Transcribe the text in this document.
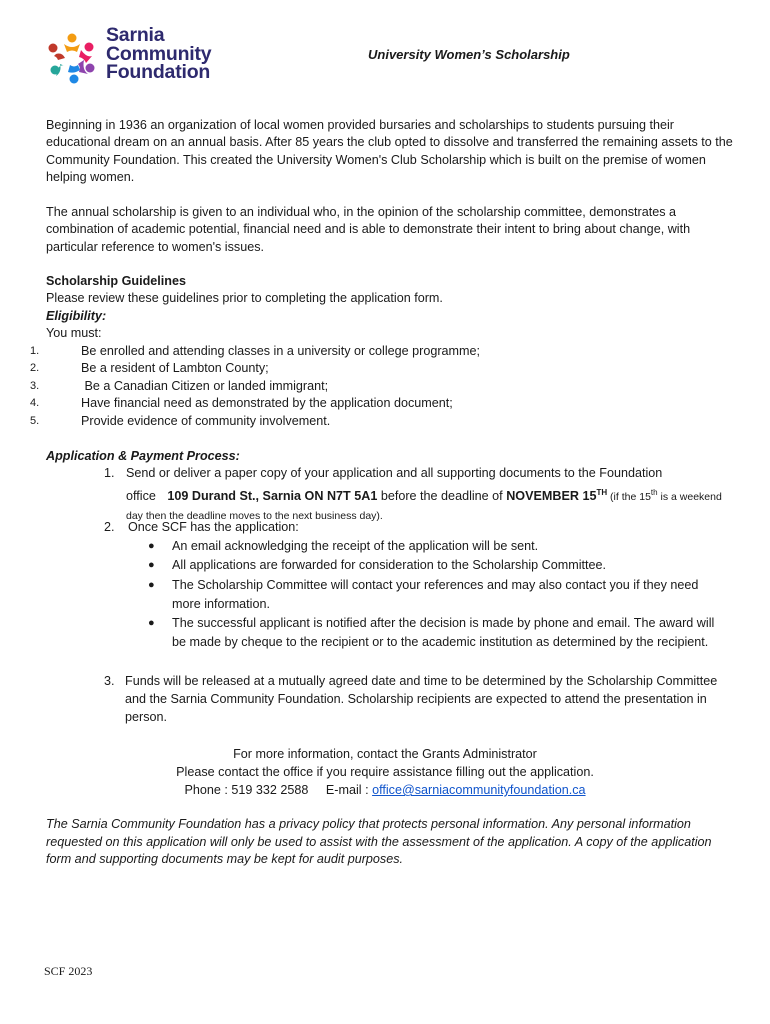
Sarnia
Community
Foundation
University Women’s Scholarship

Beginning in 1936 an organization of local women provided bursaries and scholarships to students pursuing their educational dream on an annual basis. After 85 years the club opted to dissolve and transferred the remaining assets to the Community Foundation. This created the University Women's Club Scholarship which is built on the premise of women helping women.

The annual scholarship is given to an individual who, in the opinion of the scholarship committee, demonstrates a combination of academic potential, financial need and is able to demonstrate their intent to bring about change, with particular reference to women's issues.

Scholarship Guidelines

Please review these guidelines prior to completing the application form.

Eligibility:

You must:

1.	Be enrolled and attending classes in a university or college programme;
2.	Be a resident of Lambton County;
3.	Be a Canadian Citizen or landed immigrant;
4.	Have financial need as demonstrated by the application document;
5.	Provide evidence of community involvement.
Application & Payment Process:
1. Send or deliver a paper copy of your application and all supporting documents to the Foundation
office 109 Durand St., Sarnia ON N7T 5A1 before the deadline of NOVEMBER 15TH (if the 15th is a weekend
day then the deadline moves to the next business day).
2. Once SCF has the application:
● An email acknowledging the receipt of the application will be sent.
● All applications are forwarded for consideration to the Scholarship Committee.
● The Scholarship Committee will contact your references and may also contact you if they need more information.
● The successful applicant is notified after the decision is made by phone and email. The award will be made by cheque to the recipient or to the academic institution as determined by the recipient.
3. Funds will be released at a mutually agreed date and time to be determined by the Scholarship Committee and the Sarnia Community Foundation. Scholarship recipients are expected to attend the presentation in person.
For more information, contact the Grants Administrator
Please contact the office if you require assistance filling out the application.
Phone : 519 332 2588 E-mail : office@sarniacommunityfoundation.ca
The Sarnia Community Foundation has a privacy policy that protects personal information. Any personal information requested on this application will only be used to assist with the assessment of the application. A copy of the application form and supporting documents may be kept for audit purposes.
SCF 2023
